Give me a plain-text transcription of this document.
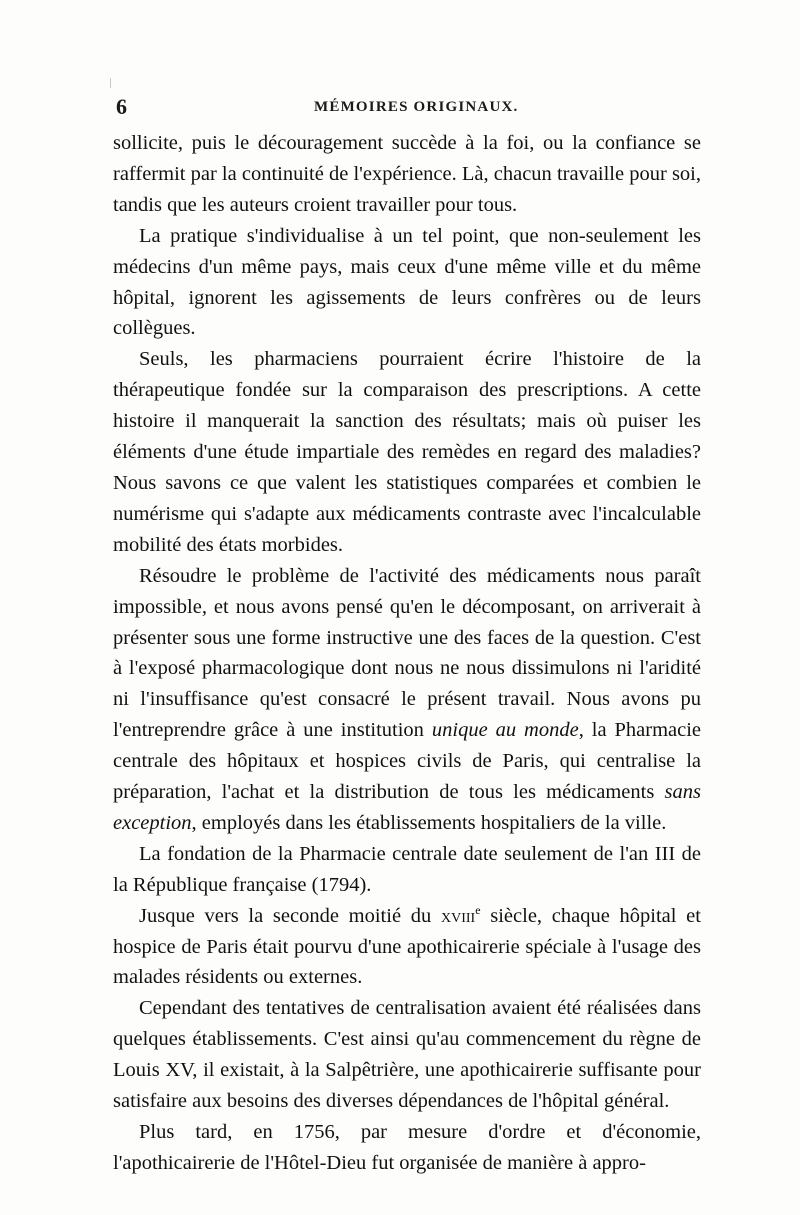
6	MÉMOIRES ORIGINAUX.

sollicite, puis le découragement succède à la foi, ou la confiance se raffermit par la continuité de l'expérience. Là, chacun travaille pour soi, tandis que les auteurs croient travailler pour tous.

La pratique s'individualise à un tel point, que non-seulement les médecins d'un même pays, mais ceux d'une même ville et du même hôpital, ignorent les agissements de leurs confrères ou de leurs collègues.

Seuls, les pharmaciens pourraient écrire l'histoire de la thérapeutique fondée sur la comparaison des prescriptions. A cette histoire il manquerait la sanction des résultats; mais où puiser les éléments d'une étude impartiale des remèdes en regard des maladies? Nous savons ce que valent les statistiques comparées et combien le numérisme qui s'adapte aux médicaments contraste avec l'incalculable mobilité des états morbides.

Résoudre le problème de l'activité des médicaments nous paraît impossible, et nous avons pensé qu'en le décomposant, on arriverait à présenter sous une forme instructive une des faces de la question. C'est à l'exposé pharmacologique dont nous ne nous dissimulons ni l'aridité ni l'insuffisance qu'est consacré le présent travail. Nous avons pu l'entreprendre grâce à une institution unique au monde, la Pharmacie centrale des hôpitaux et hospices civils de Paris, qui centralise la préparation, l'achat et la distribution de tous les médicaments sans exception, employés dans les établissements hospitaliers de la ville.

La fondation de la Pharmacie centrale date seulement de l'an III de la République française (1794).

Jusque vers la seconde moitié du xviii$^e$ siècle, chaque hôpital et hospice de Paris était pourvu d'une apothicairerie spéciale à l'usage des malades résidents ou externes.

Cependant des tentatives de centralisation avaient été réalisées dans quelques établissements. C'est ainsi qu'au commencement du règne de Louis XV, il existait, à la Salpêtrière, une apothicairerie suffisante pour satisfaire aux besoins des diverses dépendances de l'hôpital général.

Plus tard, en 1756, par mesure d'ordre et d'économie, l'apothicairerie de l'Hôtel-Dieu fut organisée de manière à appro-
